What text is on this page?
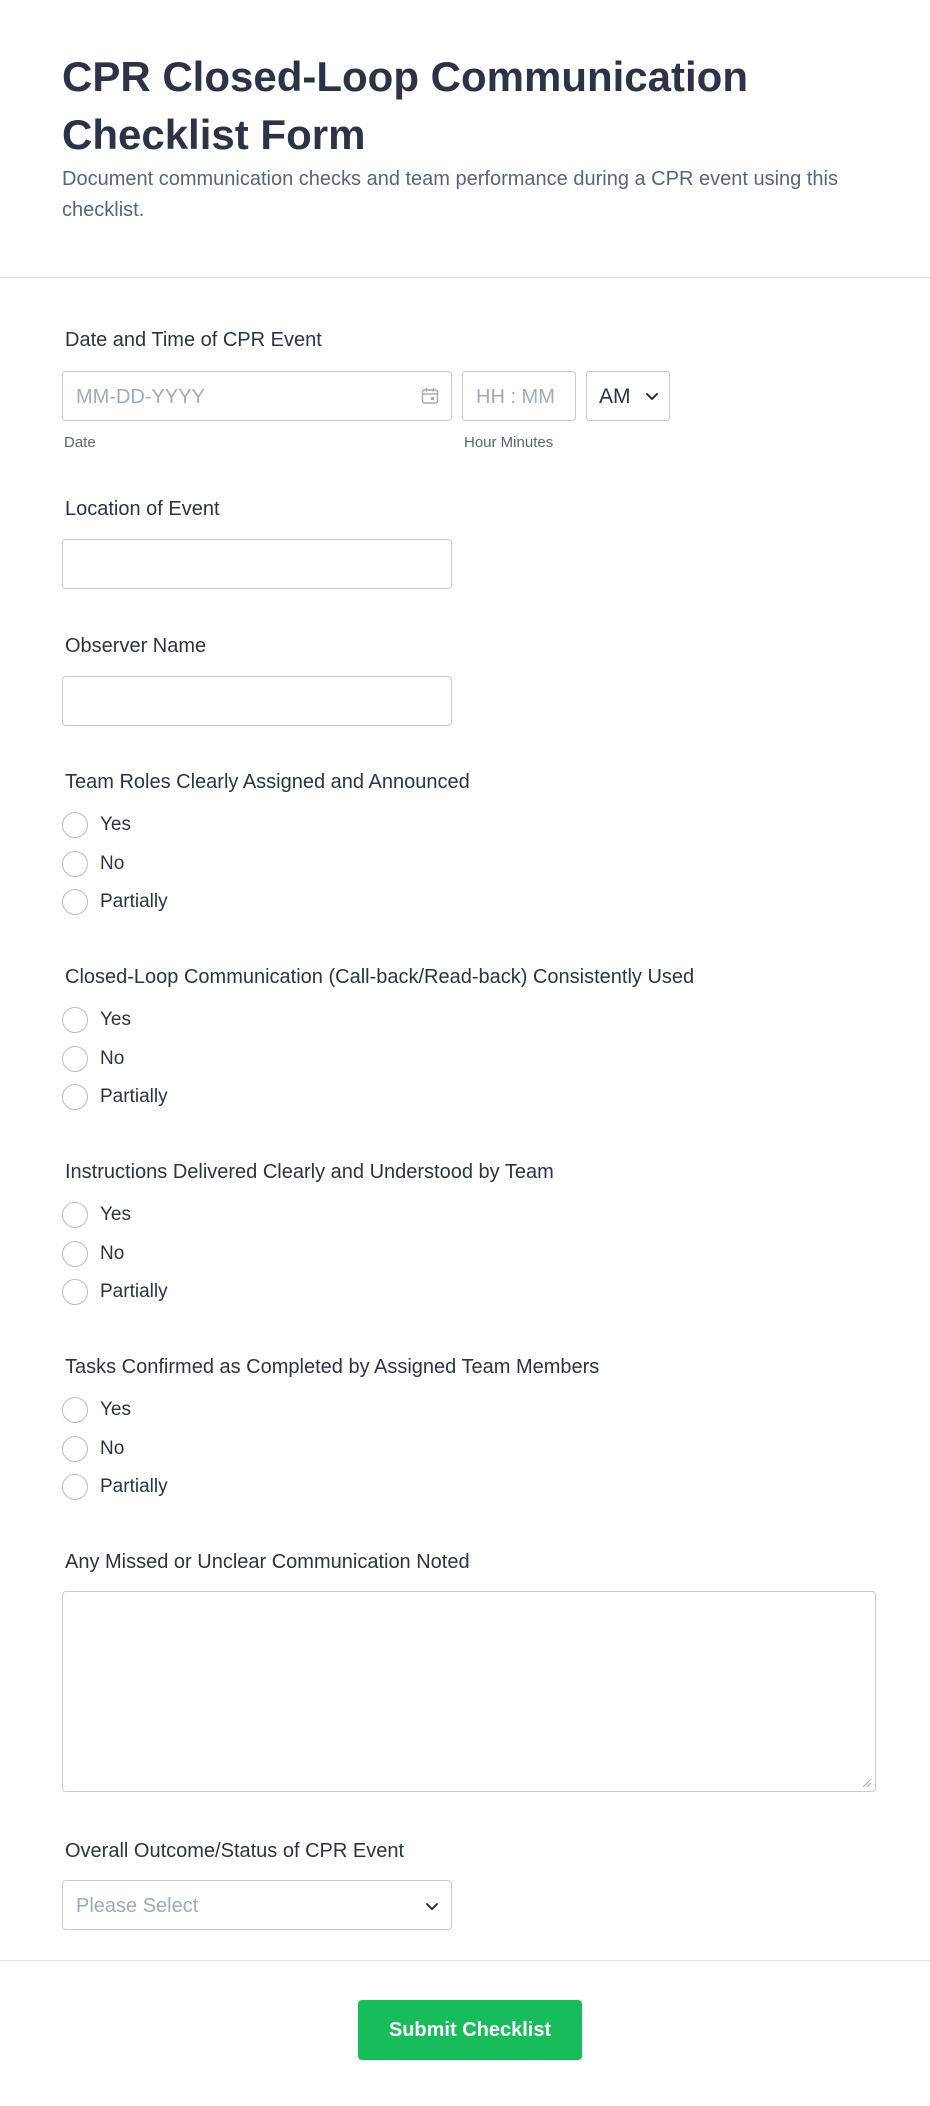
CPR Closed-Loop Communication Checklist Form
Document communication checks and team performance during a CPR event using this checklist.
Date and Time of CPR Event
MM-DD-YYYY
Date
HH : MM
Hour Minutes
AM
Location of Event
Observer Name
Team Roles Clearly Assigned and Announced
Yes
No
Partially
Closed-Loop Communication (Call-back/Read-back) Consistently Used
Yes
No
Partially
Instructions Delivered Clearly and Understood by Team
Yes
No
Partially
Tasks Confirmed as Completed by Assigned Team Members
Yes
No
Partially
Any Missed or Unclear Communication Noted
Overall Outcome/Status of CPR Event
Please Select
Submit Checklist
